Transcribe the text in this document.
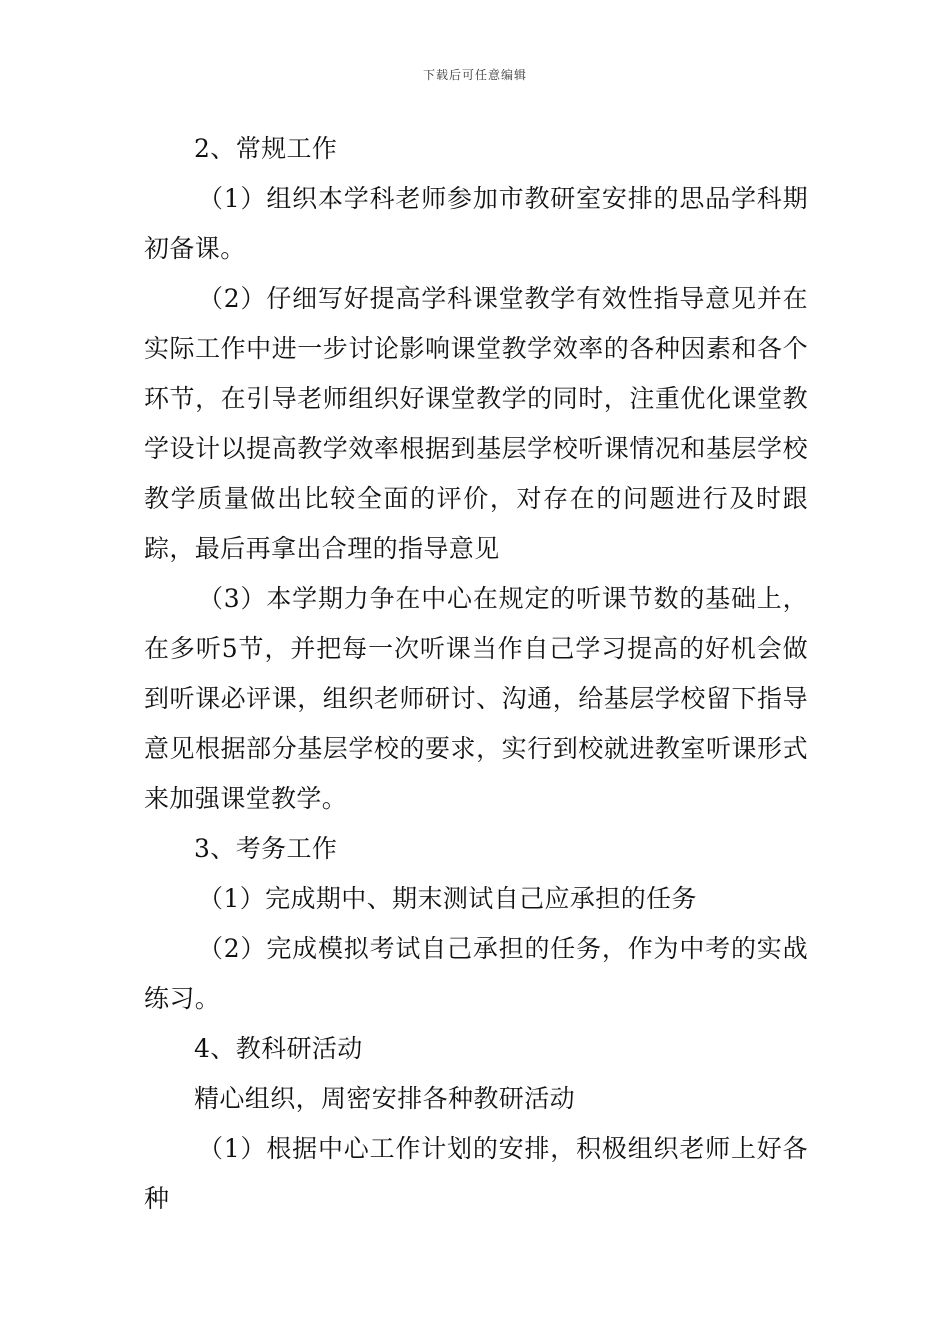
下载后可任意编辑

2、常规工作

（1）组织本学科老师参加市教研室安排的思品学科期初备课。

（2）仔细写好提高学科课堂教学有效性指导意见并在实际工作中进一步讨论影响课堂教学效率的各种因素和各个环节，在引导老师组织好课堂教学的同时，注重优化课堂教学设计以提高教学效率根据到基层学校听课情况和基层学校教学质量做出比较全面的评价，对存在的问题进行及时跟踪，最后再拿出合理的指导意见

（3）本学期力争在中心在规定的听课节数的基础上，在多听5节，并把每一次听课当作自己学习提高的好机会做到听课必评课，组织老师研讨、沟通，给基层学校留下指导意见根据部分基层学校的要求，实行到校就进教室听课形式来加强课堂教学。

3、考务工作

（1）完成期中、期末测试自己应承担的任务

（2）完成模拟考试自己承担的任务，作为中考的实战练习。

4、教科研活动

精心组织，周密安排各种教研活动

（1）根据中心工作计划的安排，积极组织老师上好各种
